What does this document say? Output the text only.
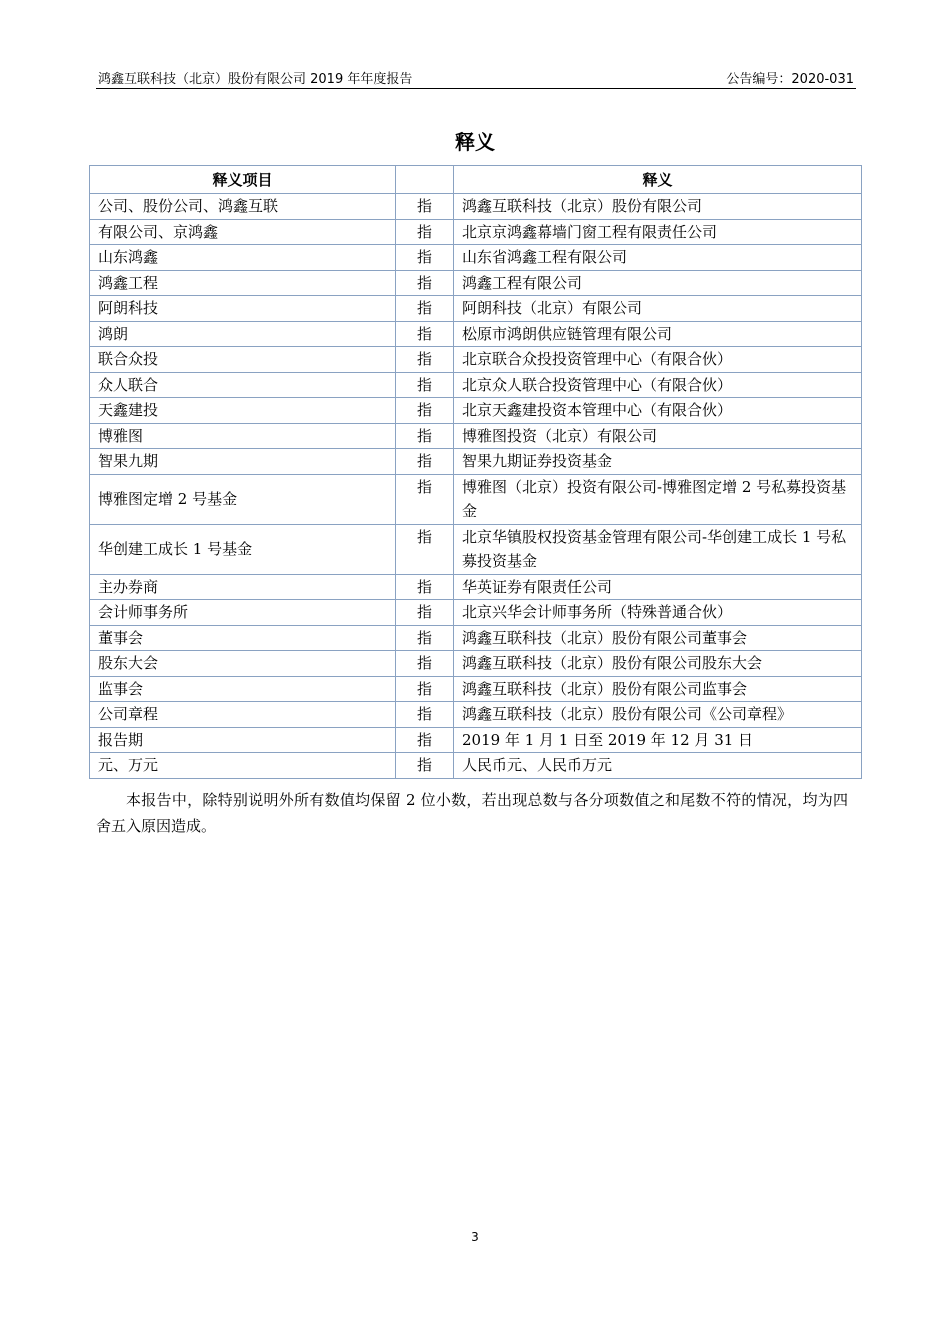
鸿鑫互联科技（北京）股份有限公司 2019 年年度报告	公告编号：2020-031
释义
释义项目		释义
公司、股份公司、鸿鑫互联	指	鸿鑫互联科技（北京）股份有限公司
有限公司、京鸿鑫	指	北京京鸿鑫幕墙门窗工程有限责任公司
山东鸿鑫	指	山东省鸿鑫工程有限公司
鸿鑫工程	指	鸿鑫工程有限公司
阿朗科技	指	阿朗科技（北京）有限公司
鸿朗	指	松原市鸿朗供应链管理有限公司
联合众投	指	北京联合众投投资管理中心（有限合伙）
众人联合	指	北京众人联合投资管理中心（有限合伙）
天鑫建投	指	北京天鑫建投资本管理中心（有限合伙）
博雅图	指	博雅图投资（北京）有限公司
智果九期	指	智果九期证券投资基金
博雅图定增 2 号基金	指	博雅图（北京）投资有限公司-博雅图定增 2 号私募投资基金
华创建工成长 1 号基金	指	北京华镇股权投资基金管理有限公司-华创建工成长 1 号私募投资基金
主办券商	指	华英证券有限责任公司
会计师事务所	指	北京兴华会计师事务所（特殊普通合伙）
董事会	指	鸿鑫互联科技（北京）股份有限公司董事会
股东大会	指	鸿鑫互联科技（北京）股份有限公司股东大会
监事会	指	鸿鑫互联科技（北京）股份有限公司监事会
公司章程	指	鸿鑫互联科技（北京）股份有限公司《公司章程》
报告期	指	2019 年 1 月 1 日至 2019 年 12 月 31 日
元、万元	指	人民币元、人民币万元
本报告中，除特别说明外所有数值均保留 2 位小数，若出现总数与各分项数值之和尾数不符的情况，均为四舍五入原因造成。
3
